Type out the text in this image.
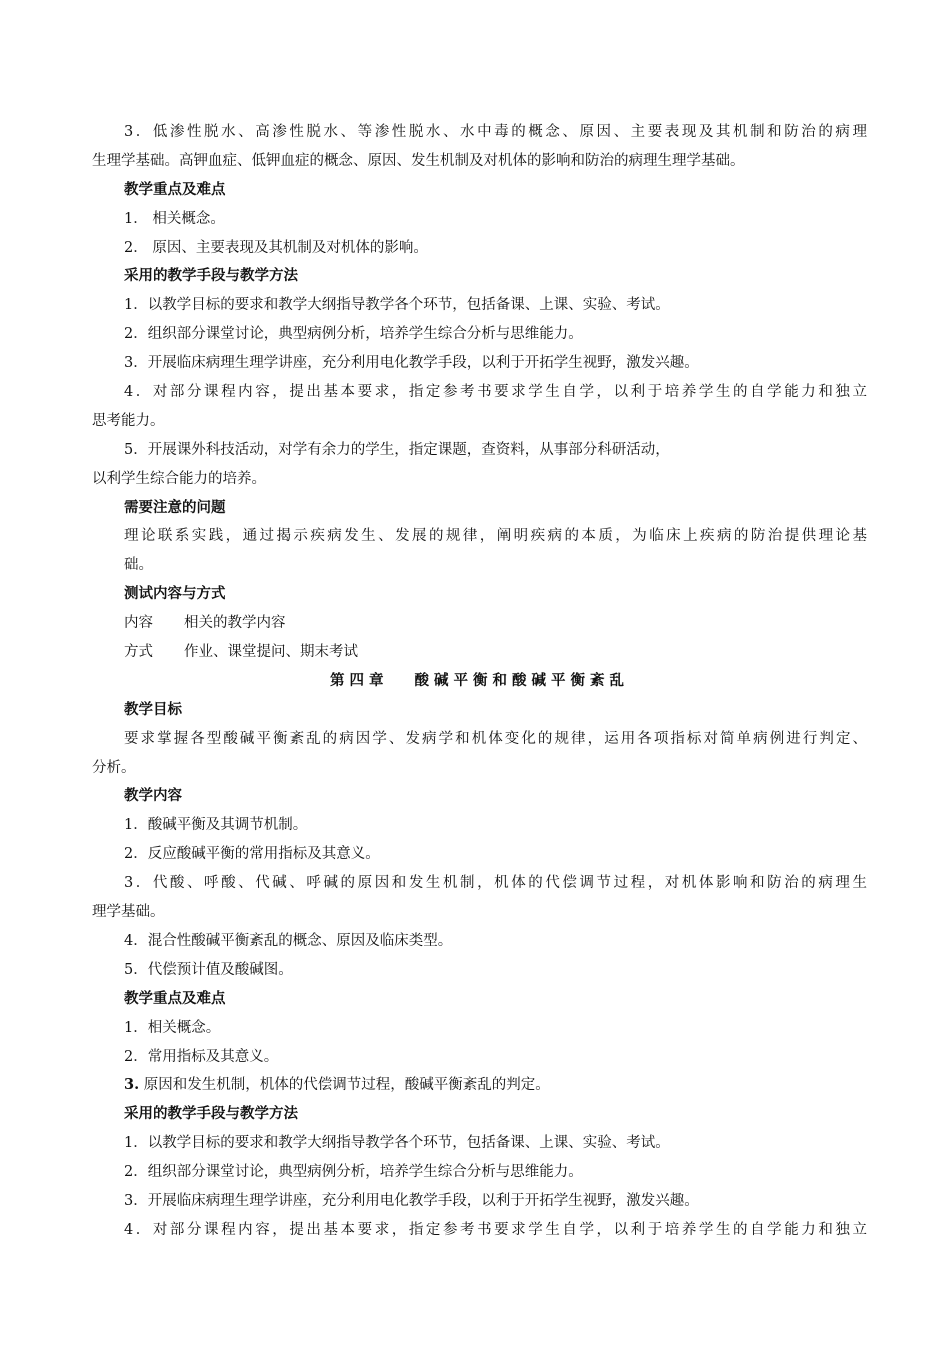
3．低渗性脱水、高渗性脱水、等渗性脱水、水中毒的概念、原因、主要表现及其机制和防治的病理
生理学基础。高钾血症、低钾血症的概念、原因、发生机制及对机体的影响和防治的病理生理学基础。
教学重点及难点
1． 相关概念。
2． 原因、主要表现及其机制及对机体的影响。
采用的教学手段与教学方法
1．以教学目标的要求和教学大纲指导教学各个环节，包括备课、上课、实验、考试。
2．组织部分课堂讨论，典型病例分析，培养学生综合分析与思维能力。
3．开展临床病理生理学讲座，充分利用电化教学手段，以利于开拓学生视野，激发兴趣。
4．对部分课程内容，提出基本要求，指定参考书要求学生自学，以利于培养学生的自学能力和独立
思考能力。
5．开展课外科技活动，对学有余力的学生，指定课题，查资料，从事部分科研活动，
以利学生综合能力的培养。
需要注意的问题
理论联系实践，通过揭示疾病发生、发展的规律，阐明疾病的本质，为临床上疾病的防治提供理论基
础。
测试内容与方式
内容 相关的教学内容
方式 作业、课堂提问、期末考试
第四章 酸碱平衡和酸碱平衡紊乱
教学目标
要求掌握各型酸碱平衡紊乱的病因学、发病学和机体变化的规律，运用各项指标对简单病例进行判定、
分析。
教学内容
1．酸碱平衡及其调节机制。
2．反应酸碱平衡的常用指标及其意义。
3．代酸、呼酸、代碱、呼碱的原因和发生机制，机体的代偿调节过程，对机体影响和防治的病理生
理学基础。
4．混合性酸碱平衡紊乱的概念、原因及临床类型。
5．代偿预计值及酸碱图。
教学重点及难点
1．相关概念。
2．常用指标及其意义。
3. 原因和发生机制，机体的代偿调节过程，酸碱平衡紊乱的判定。
采用的教学手段与教学方法
1．以教学目标的要求和教学大纲指导教学各个环节，包括备课、上课、实验、考试。
2．组织部分课堂讨论，典型病例分析，培养学生综合分析与思维能力。
3．开展临床病理生理学讲座，充分利用电化教学手段，以利于开拓学生视野，激发兴趣。
4．对部分课程内容，提出基本要求，指定参考书要求学生自学，以利于培养学生的自学能力和独立
